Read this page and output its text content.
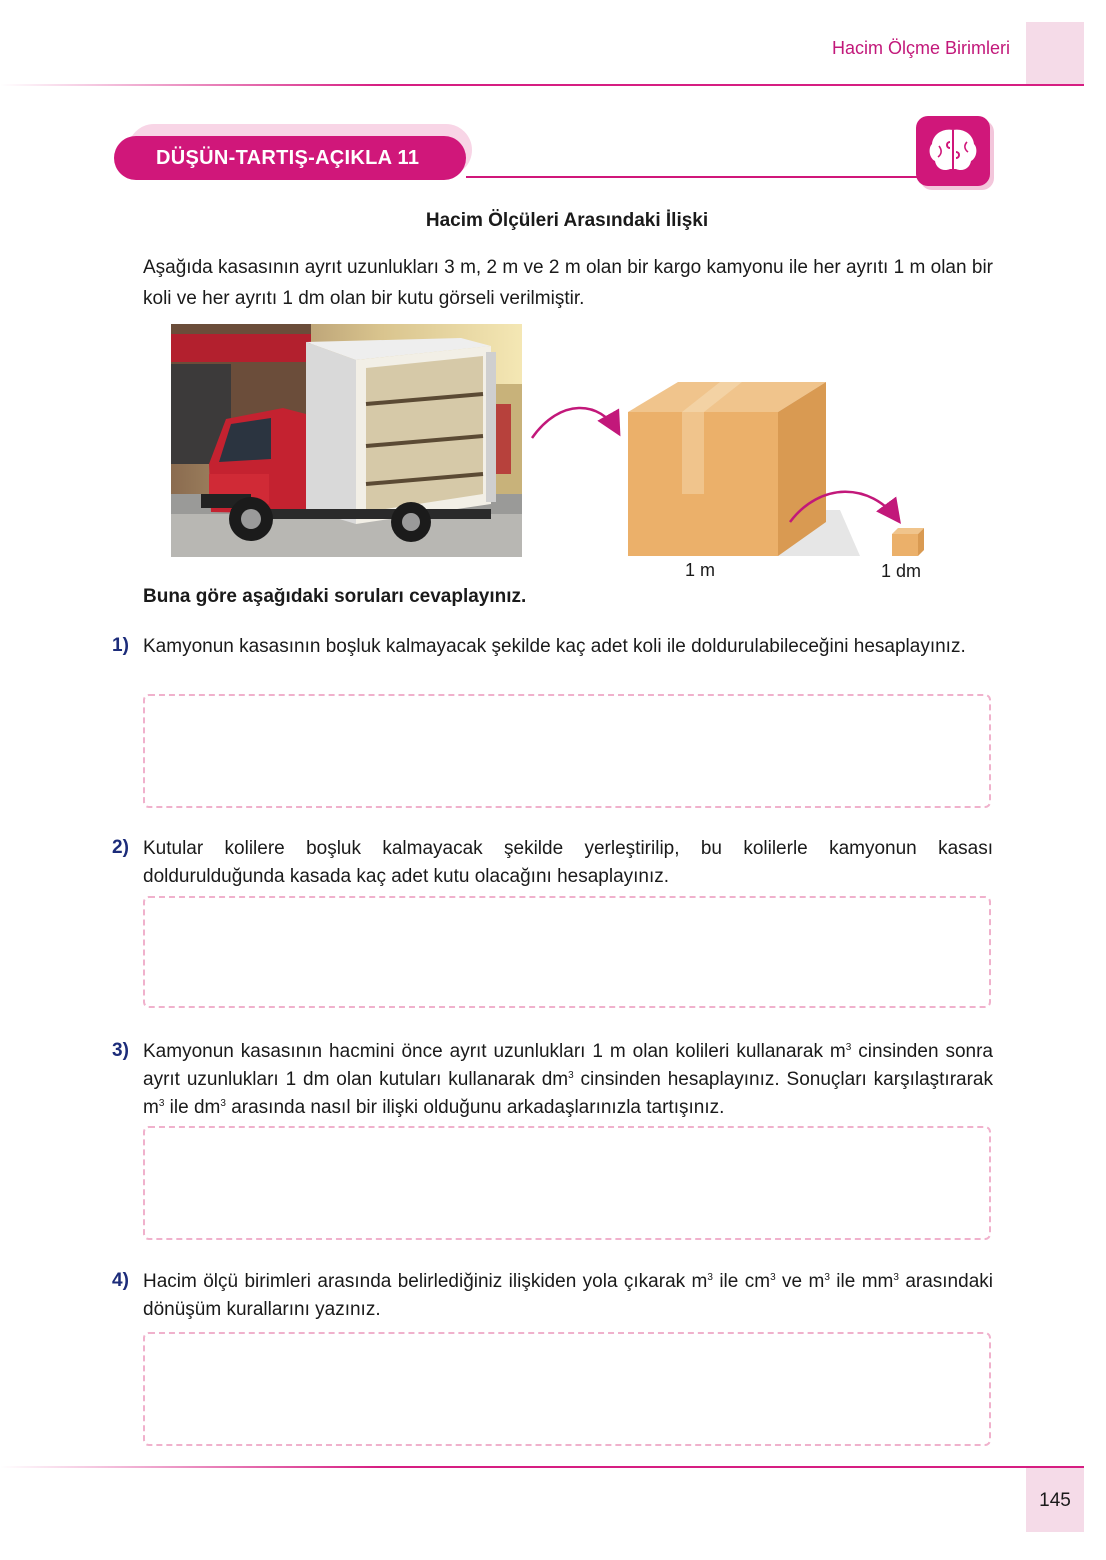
Hacim Ölçme Birimleri
DÜŞÜN-TARTIŞ-AÇIKLA 11
Hacim Ölçüleri Arasındaki İlişki
Aşağıda kasasının ayrıt uzunlukları 3 m, 2 m ve 2 m olan bir kargo kamyonu ile her ayrıtı 1 m olan bir koli ve her ayrıtı 1 dm olan bir kutu görseli verilmiştir.
1 m	1 dm
Buna göre aşağıdaki soruları cevaplayınız.
1) Kamyonun kasasının boşluk kalmayacak şekilde kaç adet koli ile doldurulabileceğini hesaplayınız.
2) Kutular kolilere boşluk kalmayacak şekilde yerleştirilip, bu kolilerle kamyonun kasası doldurulduğunda kasada kaç adet kutu olacağını hesaplayınız.
3) Kamyonun kasasının hacmini önce ayrıt uzunlukları 1 m olan kolileri kullanarak $m^3$ cinsinden sonra ayrıt uzunlukları 1 dm olan kutuları kullanarak $dm^3$ cinsinden hesaplayınız. Sonuçları karşılaştırarak $m^3$ ile $dm^3$ arasında nasıl bir ilişki olduğunu arkadaşlarınızla tartışınız.
4) Hacim ölçü birimleri arasında belirlediğiniz ilişkiden yola çıkarak $m^3$ ile $cm^3$ ve $m^3$ ile $mm^3$ arasındaki dönüşüm kurallarını yazınız.
145
